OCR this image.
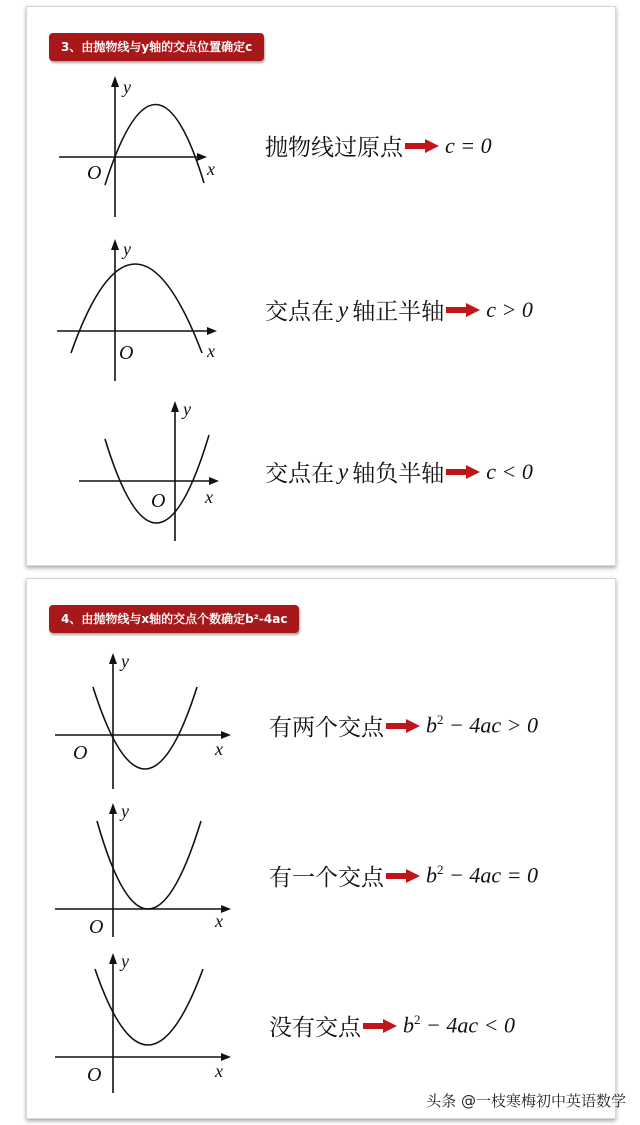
3、由抛物线与y轴的交点位置确定c
y
x
O
抛物线过原点 c = 0
y
x
O
交点在 y 轴正半轴 c > 0
y
x
O
交点在 y 轴负半轴 c < 0
4、由抛物线与x轴的交点个数确定b²-4ac
y
x
O
有两个交点 $b^2 - 4ac > 0$
y
x
O
有一个交点 $b^2 - 4ac = 0$
y
x
O
没有交点 $b^2 - 4ac < 0$
头条 @一枝寒梅初中英语数学
